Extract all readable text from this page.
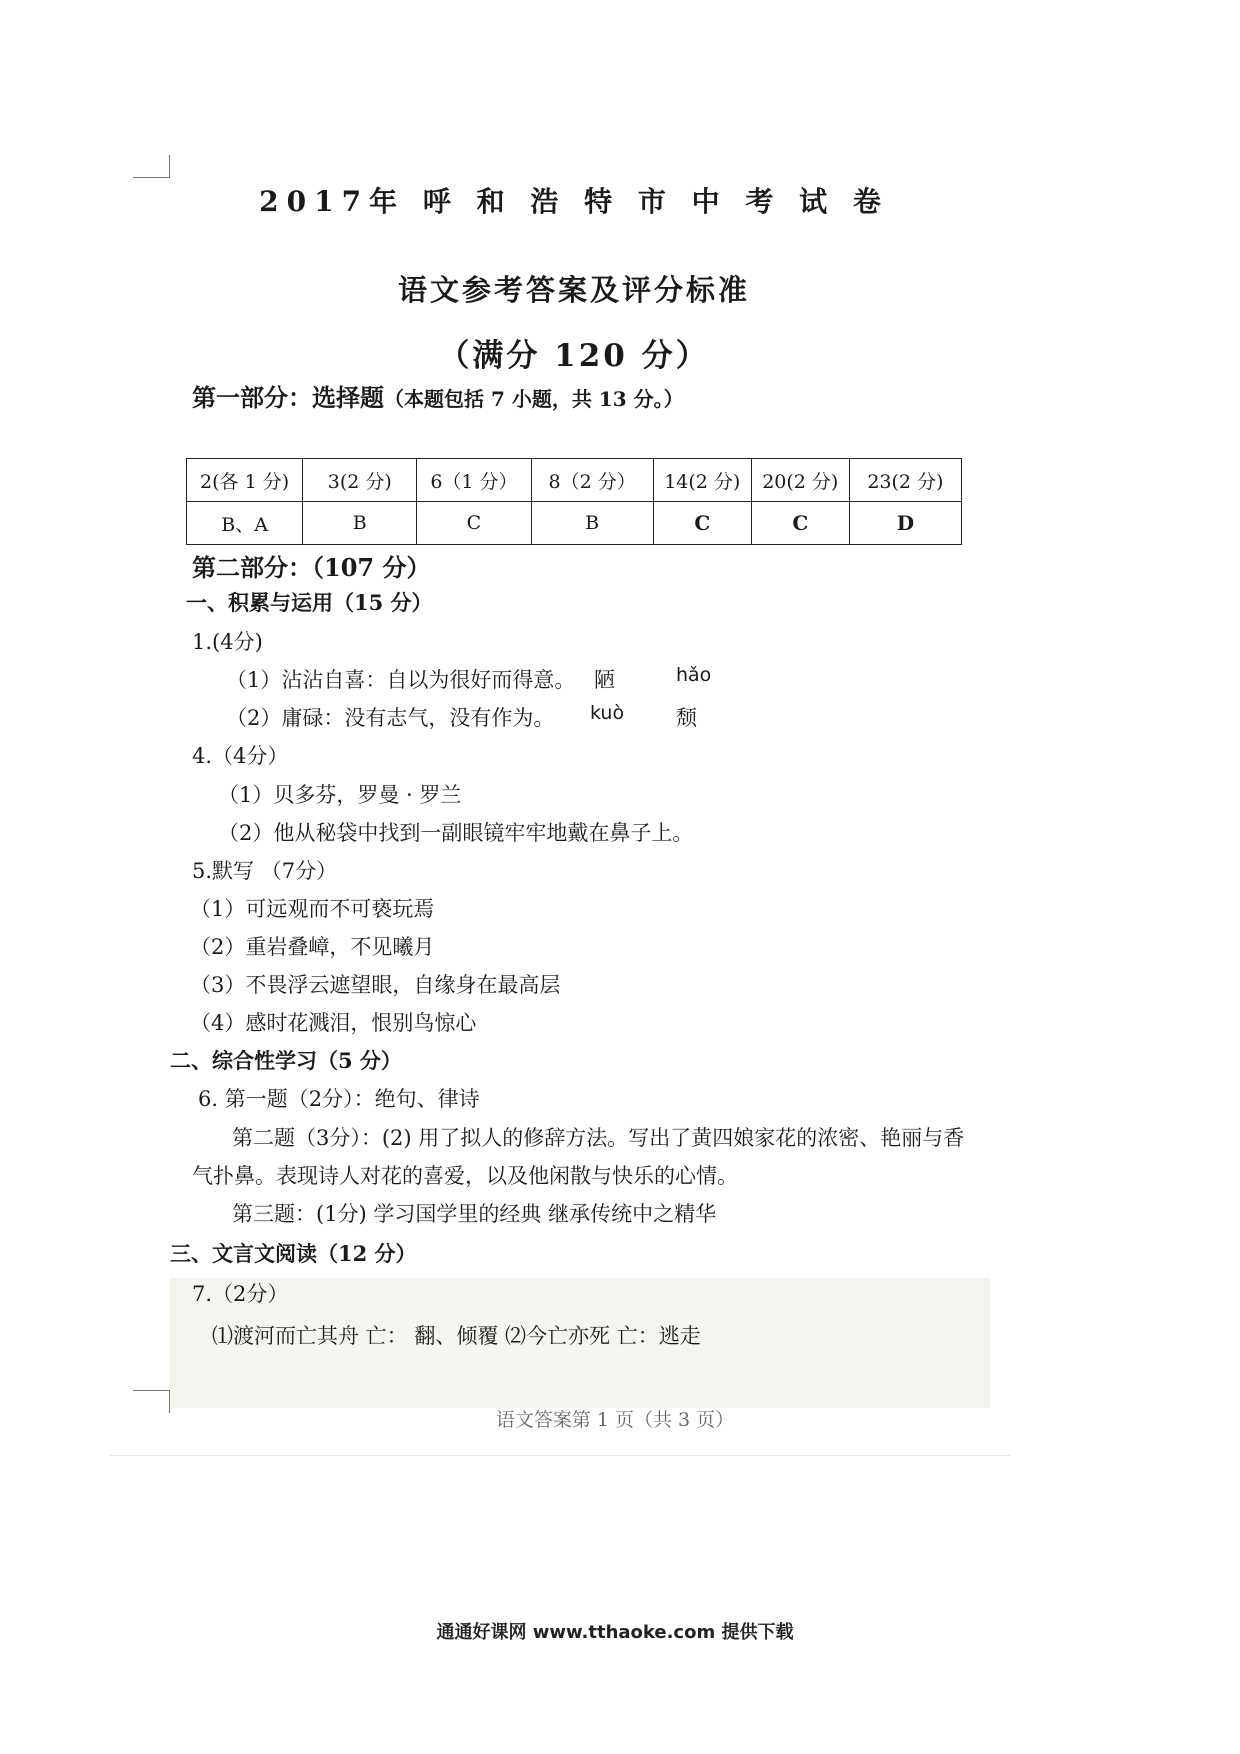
2017年 呼 和 浩 特 市 中 考 试 卷
语文参考答案及评分标准
（满分 120 分）
第一部分：选择题（本题包括 7 小题，共 13 分。）
2(各 1 分)	3(2 分)	6（1 分）	8（2 分）	14(2 分)	20(2 分)	23(2 分)
B、A	B	C	B	C	C	D
第二部分：（107 分）
一、积累与运用（15 分）
1.(4分)
（1）沾沾自喜：自以为很好而得意。 陋	hǎo
（2）庸碌：没有志气，没有作为。 kuò 颓
4.（4分）
（1）贝多芬，罗曼 · 罗兰
（2）他从秘袋中找到一副眼镜牢牢地戴在鼻子上。
5.默写 （7分）
（1）可远观而不可亵玩焉
（2）重岩叠嶂，不见曦月
（3）不畏浮云遮望眼，自缘身在最高层
（4）感时花溅泪，恨别鸟惊心
二、综合性学习（5 分）
6. 第一题（2分）：绝句、律诗
第二题（3分）：(2) 用了拟人的修辞方法。写出了黄四娘家花的浓密、艳丽与香
气扑鼻。表现诗人对花的喜爱，以及他闲散与快乐的心情。
第三题：(1分) 学习国学里的经典 继承传统中之精华
三、文言文阅读（12 分）
7.（2分）
⑴渡河而亡其舟 亡： 翻、倾覆 ⑵今亡亦死 亡：逃走
语文答案第 1 页（共 3 页）
通通好课网 www.tthaoke.com 提供下载
